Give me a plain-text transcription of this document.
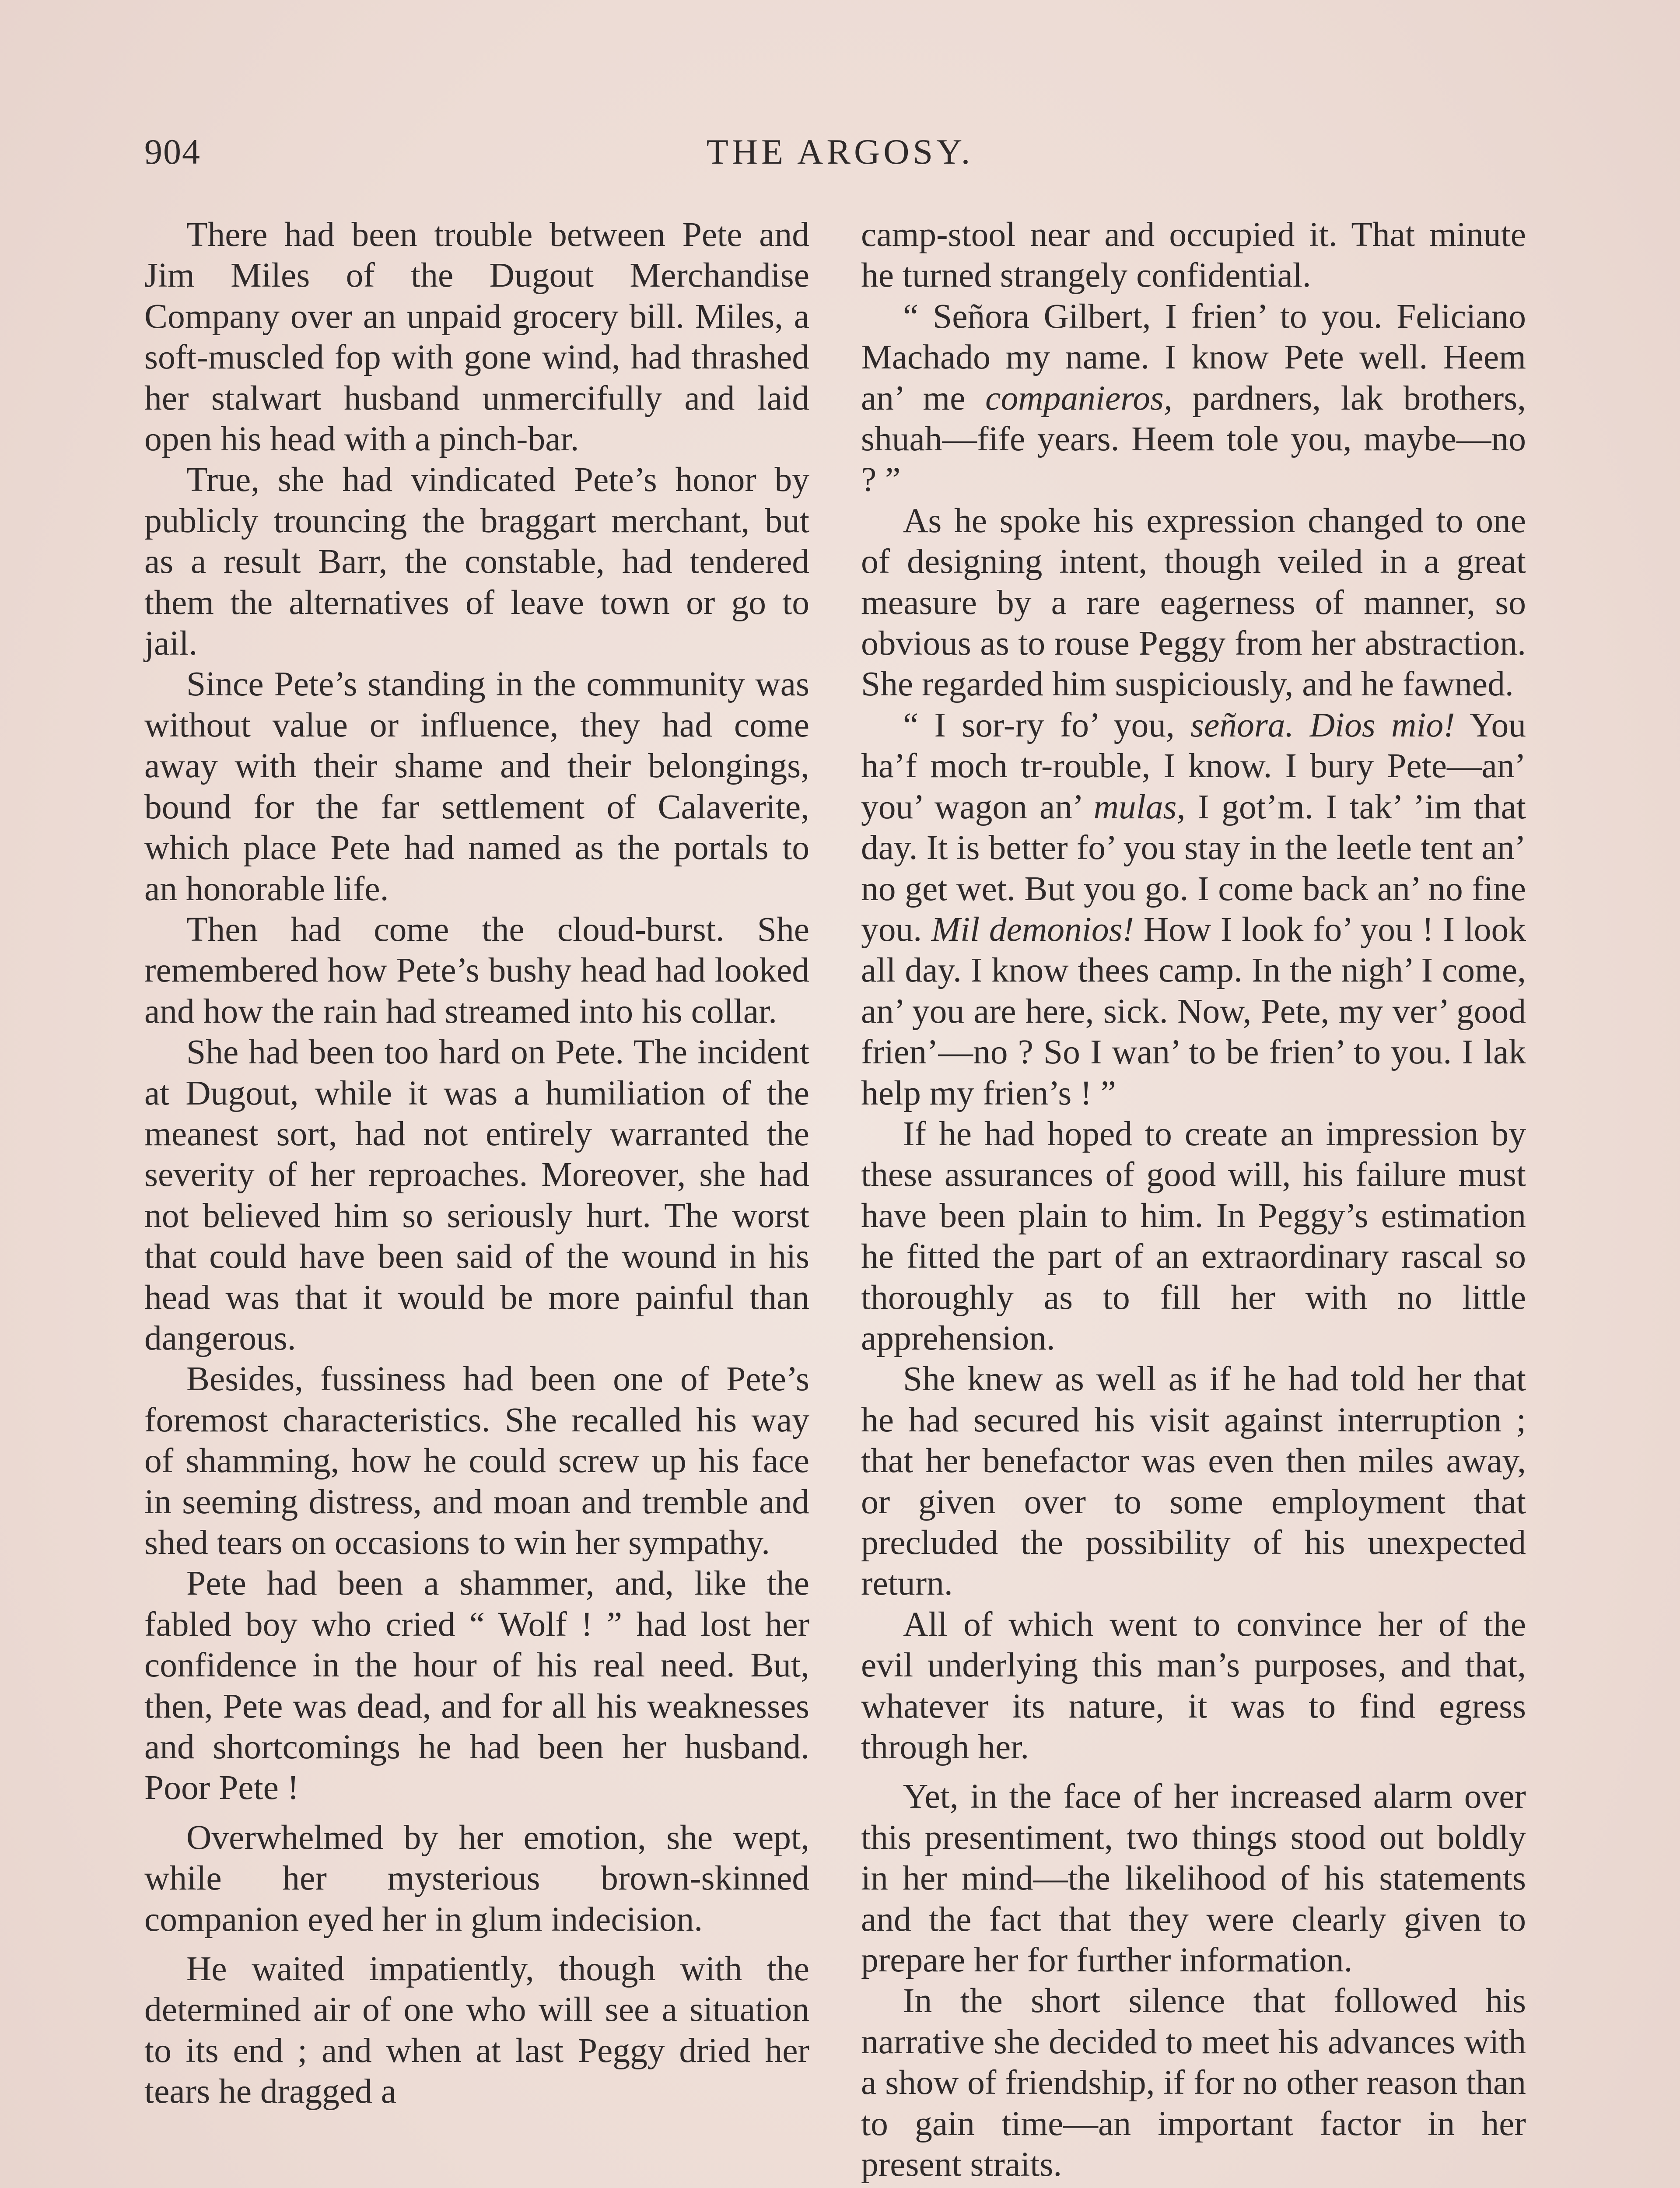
904	THE ARGOSY.

There had been trouble between Pete and Jim Miles of the Dugout Merchandise Company over an unpaid grocery bill. Miles, a soft-muscled fop with gone wind, had thrashed her stalwart husband unmercifully and laid open his head with a pinch-bar.

True, she had vindicated Pete’s honor by publicly trouncing the braggart merchant, but as a result Barr, the constable, had tendered them the alternatives of leave town or go to jail.

Since Pete’s standing in the community was without value or influence, they had come away with their shame and their belongings, bound for the far settlement of Calaverite, which place Pete had named as the portals to an honorable life.

Then had come the cloud-burst. She remembered how Pete’s bushy head had looked and how the rain had streamed into his collar.

She had been too hard on Pete. The incident at Dugout, while it was a humiliation of the meanest sort, had not entirely warranted the severity of her reproaches. Moreover, she had not believed him so seriously hurt. The worst that could have been said of the wound in his head was that it would be more painful than dangerous.

Besides, fussiness had been one of Pete’s foremost characteristics. She recalled his way of shamming, how he could screw up his face in seeming distress, and moan and tremble and shed tears on occasions to win her sympathy.

Pete had been a shammer, and, like the fabled boy who cried “ Wolf ! ” had lost her confidence in the hour of his real need. But, then, Pete was dead, and for all his weaknesses and shortcomings he had been her husband. Poor Pete !

Overwhelmed by her emotion, she wept, while her mysterious brown-skinned companion eyed her in glum indecision.

He waited impatiently, though with the determined air of one who will see a situation to its end ; and when at last Peggy dried her tears he dragged a

camp-stool near and occupied it. That minute he turned strangely confidential.

“ Señora Gilbert, I frien’ to you. Feliciano Machado my name. I know Pete well. Heem an’ me companieros, pardners, lak brothers, shuah—fife years. Heem tole you, maybe—no ? ”

As he spoke his expression changed to one of designing intent, though veiled in a great measure by a rare eagerness of manner, so obvious as to rouse Peggy from her abstraction. She regarded him suspiciously, and he fawned.

“ I sor-ry fo’ you, señora. Dios mio! You ha’f moch tr-rouble, I know. I bury Pete—an’ you’ wagon an’ mulas, I got’m. I tak’ ’im that day. It is better fo’ you stay in the leetle tent an’ no get wet. But you go. I come back an’ no fine you. Mil demonios! How I look fo’ you ! I look all day. I know thees camp. In the nigh’ I come, an’ you are here, sick. Now, Pete, my ver’ good frien’—no ? So I wan’ to be frien’ to you. I lak help my frien’s ! ”

If he had hoped to create an impression by these assurances of good will, his failure must have been plain to him. In Peggy’s estimation he fitted the part of an extraordinary rascal so thoroughly as to fill her with no little apprehension.

She knew as well as if he had told her that he had secured his visit against interruption ; that her benefactor was even then miles away, or given over to some employment that precluded the possibility of his unexpected return.

All of which went to convince her of the evil underlying this man’s purposes, and that, whatever its nature, it was to find egress through her.

Yet, in the face of her increased alarm over this presentiment, two things stood out boldly in her mind—the likelihood of his statements and the fact that they were clearly given to prepare her for further information.

In the short silence that followed his narrative she decided to meet his advances with a show of friendship, if for no other reason than to gain time—an important factor in her present straits.
